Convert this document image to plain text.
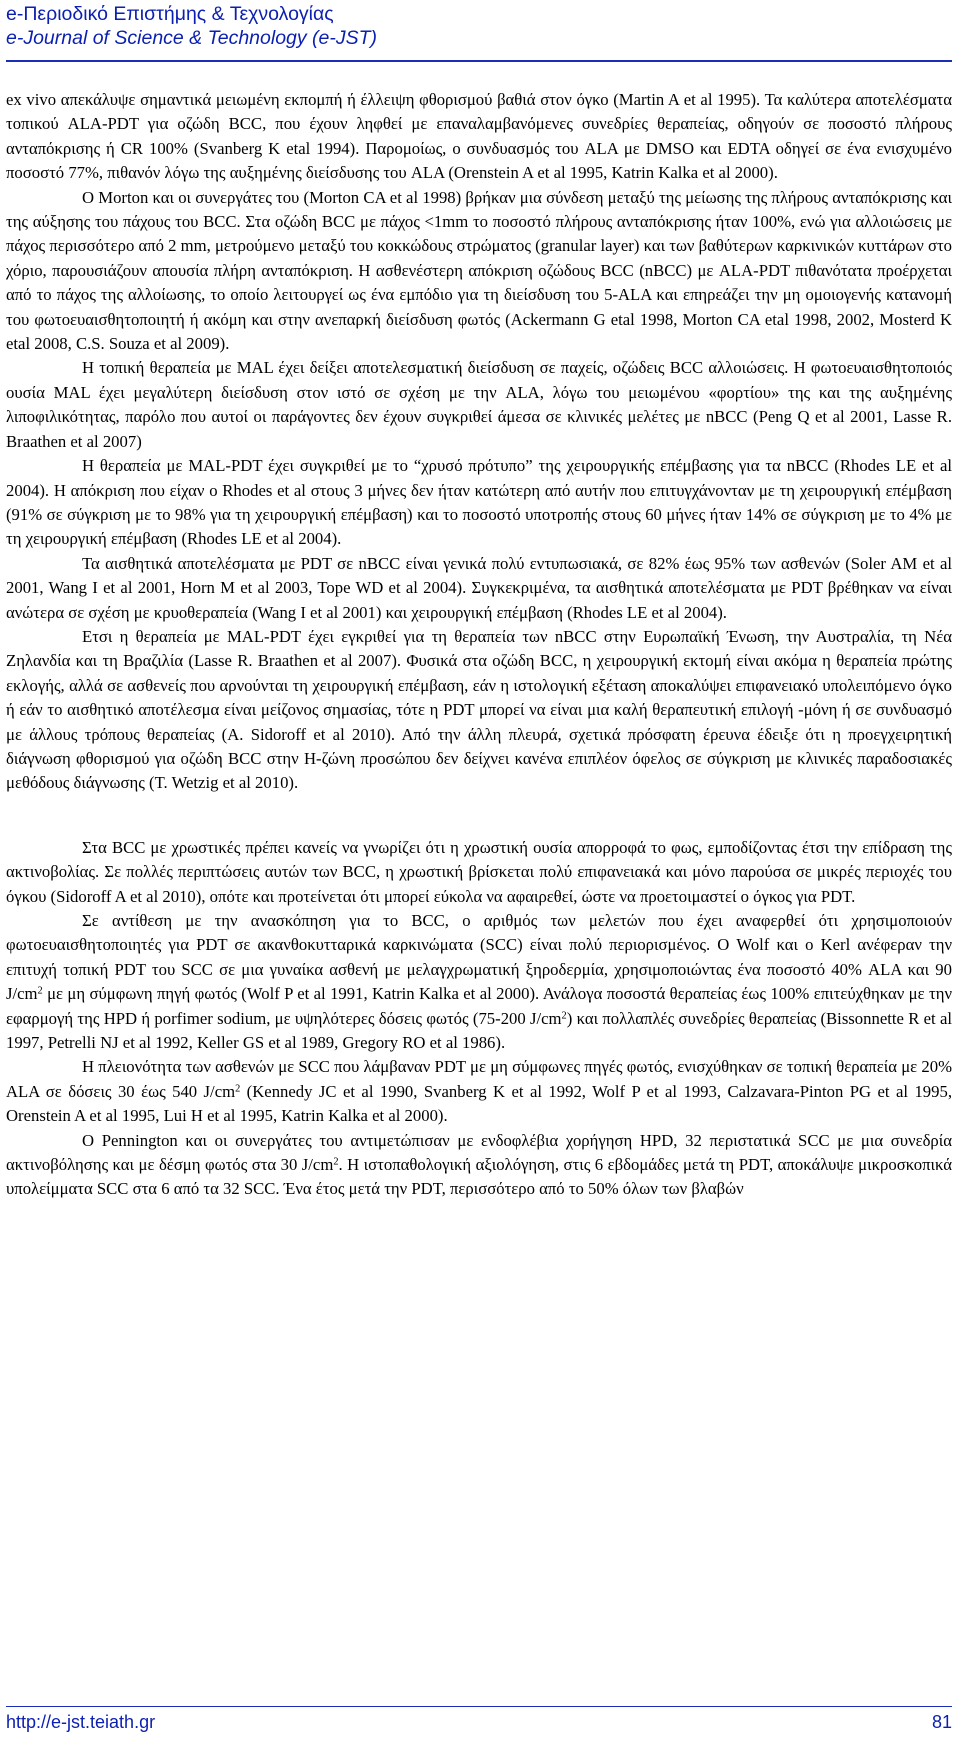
e-Περιοδικό Επιστήμης & Τεχνολογίας
e-Journal of Science & Technology (e-JST)

ex vivo απεκάλυψε σημαντικά μειωμένη εκπομπή ή έλλειψη φθορισμού βαθιά στον όγκο (Martin A et al 1995). Τα καλύτερα αποτελέσματα τοπικού ALA-PDT για οζώδη BCC, που έχουν ληφθεί με επαναλαμβανόμενες συνεδρίες θεραπείας, οδηγούν σε ποσοστό πλήρους ανταπόκρισης ή CR 100% (Svanberg K etal 1994). Παρομοίως, ο συνδυασμός του ALA με DMSO και EDTA οδηγεί σε ένα ενισχυμένο ποσοστό 77%, πιθανόν λόγω της αυξημένης διείσδυσης του ALA (Orenstein A et al 1995, Katrin Kalka et al 2000).

Ο Morton και οι συνεργάτες του (Morton CA et al 1998) βρήκαν μια σύνδεση μεταξύ της μείωσης της πλήρους ανταπόκρισης και της αύξησης του πάχους του BCC. Στα οζώδη BCC με πάχος <1mm το ποσοστό πλήρους ανταπόκρισης ήταν 100%, ενώ για αλλοιώσεις με πάχος περισσότερο από 2 mm, μετρούμενο μεταξύ του κοκκώδους στρώματος (granular layer) και των βαθύτερων καρκινικών κυττάρων στο χόριο, παρουσιάζουν απουσία πλήρη ανταπόκριση. Η ασθενέστερη απόκριση οζώδους BCC (nBCC) με ALA-PDT πιθανότατα προέρχεται από το πάχος της αλλοίωσης, το οποίο λειτουργεί ως ένα εμπόδιο για τη διείσδυση του 5-ALA και επηρεάζει την μη ομοιογενής κατανομή του φωτοευαισθητοποιητή ή ακόμη και στην ανεπαρκή διείσδυση φωτός (Ackermann G etal 1998, Morton CA etal 1998, 2002, Mosterd K etal 2008, C.S. Souza et al 2009).

Η τοπική θεραπεία με MAL έχει δείξει αποτελεσματική διείσδυση σε παχείς, οζώδεις BCC αλλοιώσεις. Η φωτοευαισθητοποιός ουσία MAL έχει μεγαλύτερη διείσδυση στον ιστό σε σχέση με την ALA, λόγω του μειωμένου «φορτίου» της και της αυξημένης λιποφιλικότητας, παρόλο που αυτοί οι παράγοντες δεν έχουν συγκριθεί άμεσα σε κλινικές μελέτες με nBCC (Peng Q et al 2001, Lasse R. Braathen et al 2007)

Η θεραπεία με MAL-PDT έχει συγκριθεί με το “χρυσό πρότυπο” της χειρουργικής επέμβασης για τα nBCC (Rhodes LE et al 2004). Η απόκριση που είχαν ο Rhodes et al στους 3 μήνες δεν ήταν κατώτερη από αυτήν που επιτυγχάνονταν με τη χειρουργική επέμβαση (91% σε σύγκριση με το 98% για τη χειρουργική επέμβαση) και το ποσοστό υποτροπής στους 60 μήνες ήταν 14% σε σύγκριση με το 4% με τη χειρουργική επέμβαση (Rhodes LE et al 2004).

Τα αισθητικά αποτελέσματα με PDT σε nBCC είναι γενικά πολύ εντυπωσιακά, σε 82% έως 95% των ασθενών (Soler AM et al 2001, Wang I et al 2001, Horn M et al 2003, Tope WD et al 2004). Συγκεκριμένα, τα αισθητικά αποτελέσματα με PDT βρέθηκαν να είναι ανώτερα σε σχέση με κρυοθεραπεία (Wang I et al 2001) και χειρουργική επέμβαση (Rhodes LE et al 2004).

Ετσι η θεραπεία με MAL-PDT έχει εγκριθεί για τη θεραπεία των nBCC στην Ευρωπαϊκή Ένωση, την Αυστραλία, τη Νέα Ζηλανδία και τη Βραζιλία (Lasse R. Braathen et al 2007). Φυσικά στα οζώδη BCC, η χειρουργική εκτομή είναι ακόμα η θεραπεία πρώτης εκλογής, αλλά σε ασθενείς που αρνούνται τη χειρουργική επέμβαση, εάν η ιστολογική εξέταση αποκαλύψει επιφανειακό υπολειπόμενο όγκο ή εάν το αισθητικό αποτέλεσμα είναι μείζονος σημασίας, τότε η PDT μπορεί να είναι μια καλή θεραπευτική επιλογή -μόνη ή σε συνδυασμό με άλλους τρόπους θεραπείας (A. Sidoroff et al 2010). Από την άλλη πλευρά, σχετικά πρόσφατη έρευνα έδειξε ότι η προεγχειρητική διάγνωση φθορισμού για οζώδη BCC στην Η-ζώνη προσώπου δεν δείχνει κανένα επιπλέον όφελος σε σύγκριση με κλινικές παραδοσιακές μεθόδους διάγνωσης (T. Wetzig et al 2010).

Στα BCC με χρωστικές πρέπει κανείς να γνωρίζει ότι η χρωστική ουσία απορροφά το φως, εμποδίζοντας έτσι την επίδραση της ακτινοβολίας. Σε πολλές περιπτώσεις αυτών των BCC, η χρωστική βρίσκεται πολύ επιφανειακά και μόνο παρούσα σε μικρές περιοχές του όγκου (Sidoroff A et al 2010), οπότε και προτείνεται ότι μπορεί εύκολα να αφαιρεθεί, ώστε να προετοιμαστεί ο όγκος για PDT.

Σε αντίθεση με την ανασκόπηση για το BCC, ο αριθμός των μελετών που έχει αναφερθεί ότι χρησιμοποιούν φωτοευαισθητοποιητές για PDT σε ακανθοκυτταρικά καρκινώματα (SCC) είναι πολύ περιορισμένος. Ο Wolf και ο Kerl ανέφεραν την επιτυχή τοπική PDT του SCC σε μια γυναίκα ασθενή με μελαγχρωματική ξηροδερμία, χρησιμοποιώντας ένα ποσοστό 40% ALA και 90 $J/cm^2$ με μη σύμφωνη πηγή φωτός (Wolf P et al 1991, Katrin Kalka et al 2000). Ανάλογα ποσοστά θεραπείας έως 100% επιτεύχθηκαν με την εφαρμογή της HPD ή porfimer sodium, με υψηλότερες δόσεις φωτός (75-200 $J/cm^2$) και πολλαπλές συνεδρίες θεραπείας (Bissonnette R et al 1997, Petrelli NJ et al 1992, Keller GS et al 1989, Gregory RO et al 1986).

Η πλειονότητα των ασθενών με SCC που λάμβαναν PDT με μη σύμφωνες πηγές φωτός, ενισχύθηκαν σε τοπική θεραπεία με 20% ALA σε δόσεις 30 έως 540 $J/cm^2$ (Kennedy JC et al 1990, Svanberg K et al 1992, Wolf P et al 1993, Calzavara-Pinton PG et al 1995, Orenstein A et al 1995, Lui H et al 1995, Katrin Kalka et al 2000).

Ο Pennington και οι συνεργάτες του αντιμετώπισαν με ενδοφλέβια χορήγηση HPD, 32 περιστατικά SCC με μια συνεδρία ακτινοβόλησης και με δέσμη φωτός στα 30 $J/cm^2$. Η ιστοπαθολογική αξιολόγηση, στις 6 εβδομάδες μετά τη PDT, αποκάλυψε μικροσκοπικά υπολείμματα SCC στα 6 από τα 32 SCC. Ένα έτος μετά την PDT, περισσότερο από το 50% όλων των βλαβών

http://e-jst.teiath.gr	81
